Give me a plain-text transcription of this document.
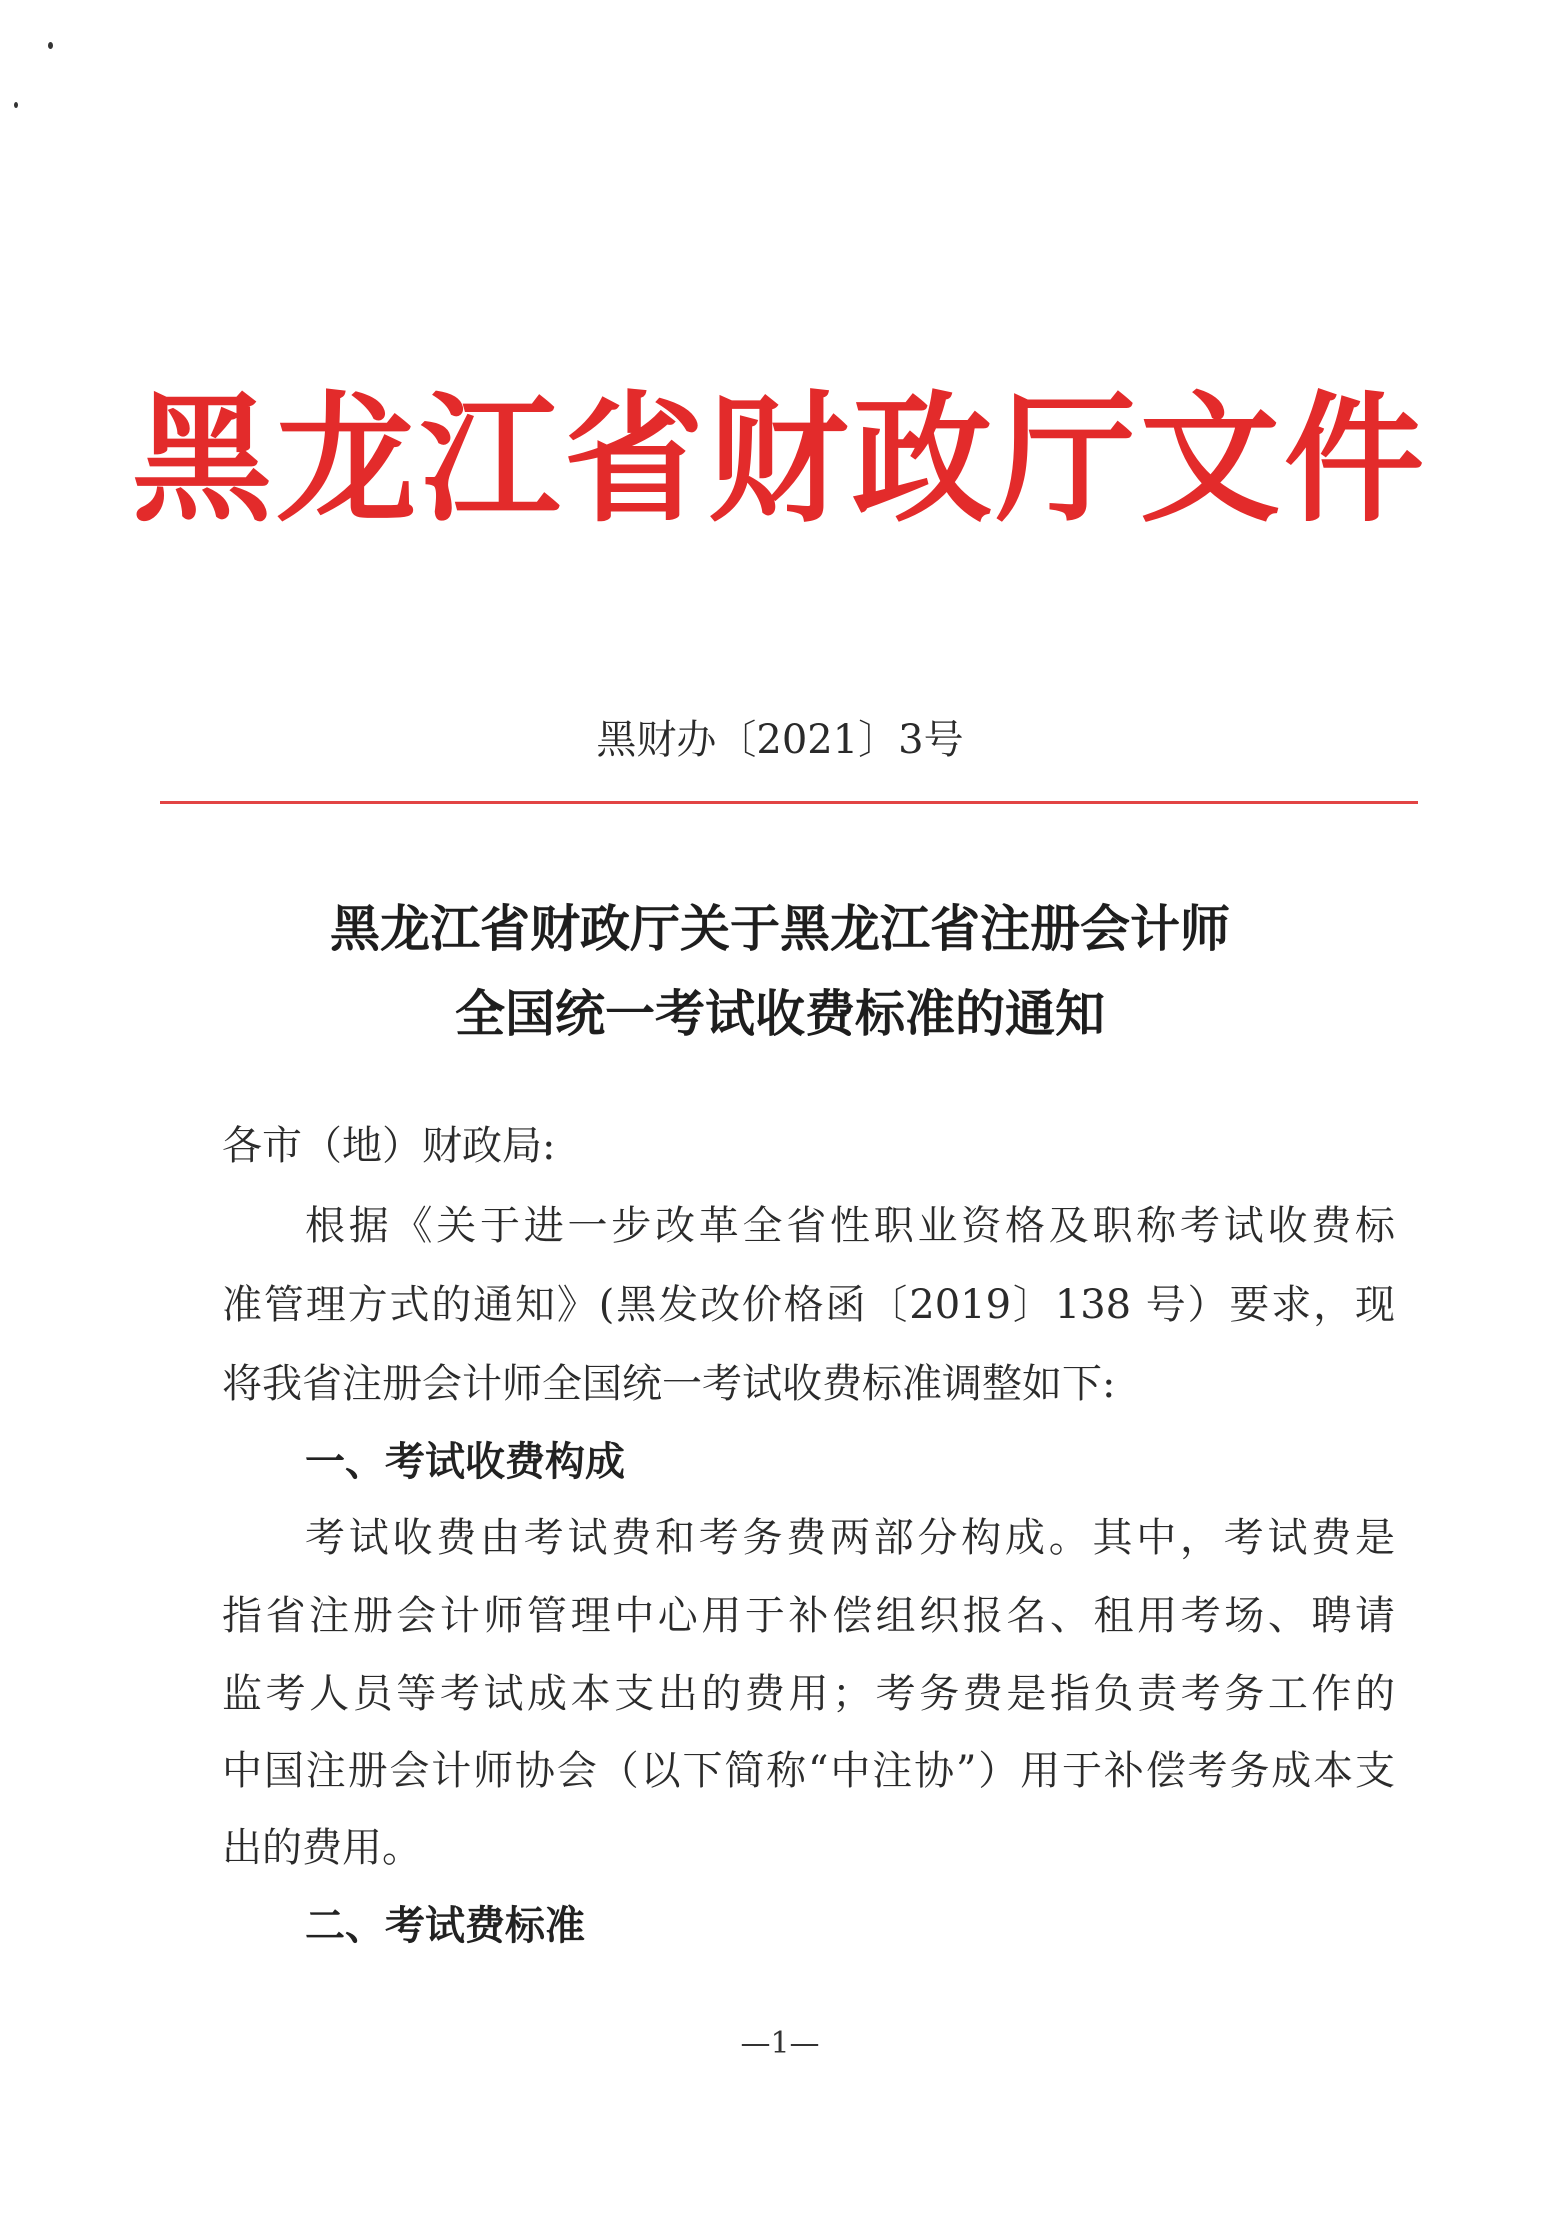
黑龙江省财政厅文件
黑财办〔2021〕3号
黑龙江省财政厅关于黑龙江省注册会计师
全国统一考试收费标准的通知
各市（地）财政局:
根据《关于进一步改革全省性职业资格及职称考试收费标
准管理方式的通知》(黑发改价格函〔2019〕138 号）要求，现
将我省注册会计师全国统一考试收费标准调整如下:
一、考试收费构成
考试收费由考试费和考务费两部分构成。其中，考试费是
指省注册会计师管理中心用于补偿组织报名、租用考场、聘请
监考人员等考试成本支出的费用；考务费是指负责考务工作的
中国注册会计师协会（以下简称“中注协”）用于补偿考务成本支
出的费用。
二、考试费标准
—1—
